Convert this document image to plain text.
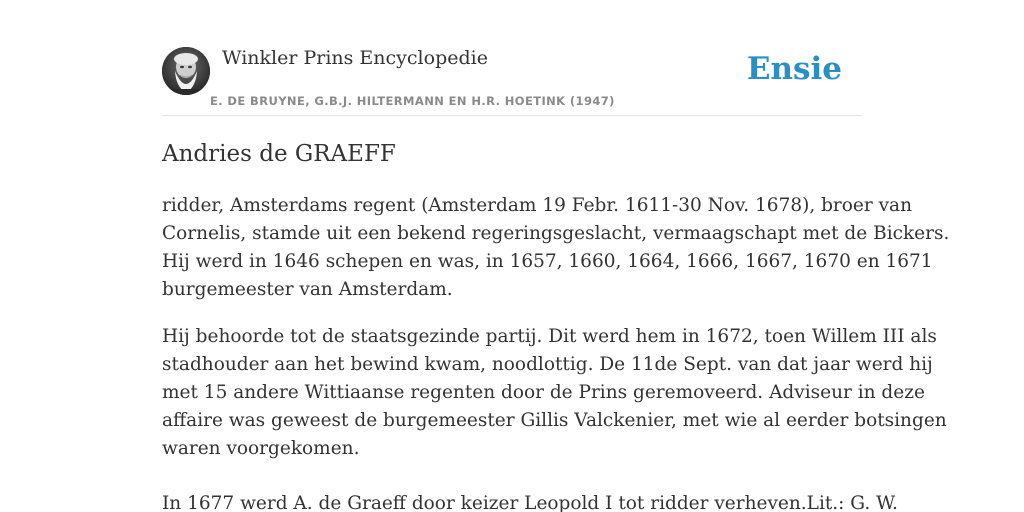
Winkler Prins Encyclopedie
E. DE BRUYNE, G.B.J. HILTERMANN EN H.R. HOETINK (1947)
Ensie
Andries de GRAEFF

ridder, Amsterdams regent (Amsterdam 19 Febr. 1611-30 Nov. 1678), broer van
Cornelis, stamde uit een bekend regeringsgeslacht, vermaagschapt met de Bickers.
Hij werd in 1646 schepen en was, in 1657, 1660, 1664, 1666, 1667, 1670 en 1671
burgemeester van Amsterdam.

Hij behoorde tot de staatsgezinde partij. Dit werd hem in 1672, toen Willem III als
stadhouder aan het bewind kwam, noodlottig. De 11de Sept. van dat jaar werd hij
met 15 andere Wittiaanse regenten door de Prins geremoveerd. Adviseur in deze
affaire was geweest de burgemeester Gillis Valckenier, met wie al eerder botsingen
waren voorgekomen.

In 1677 werd A. de Graeff door keizer Leopold I tot ridder verheven.Lit.: G. W.
